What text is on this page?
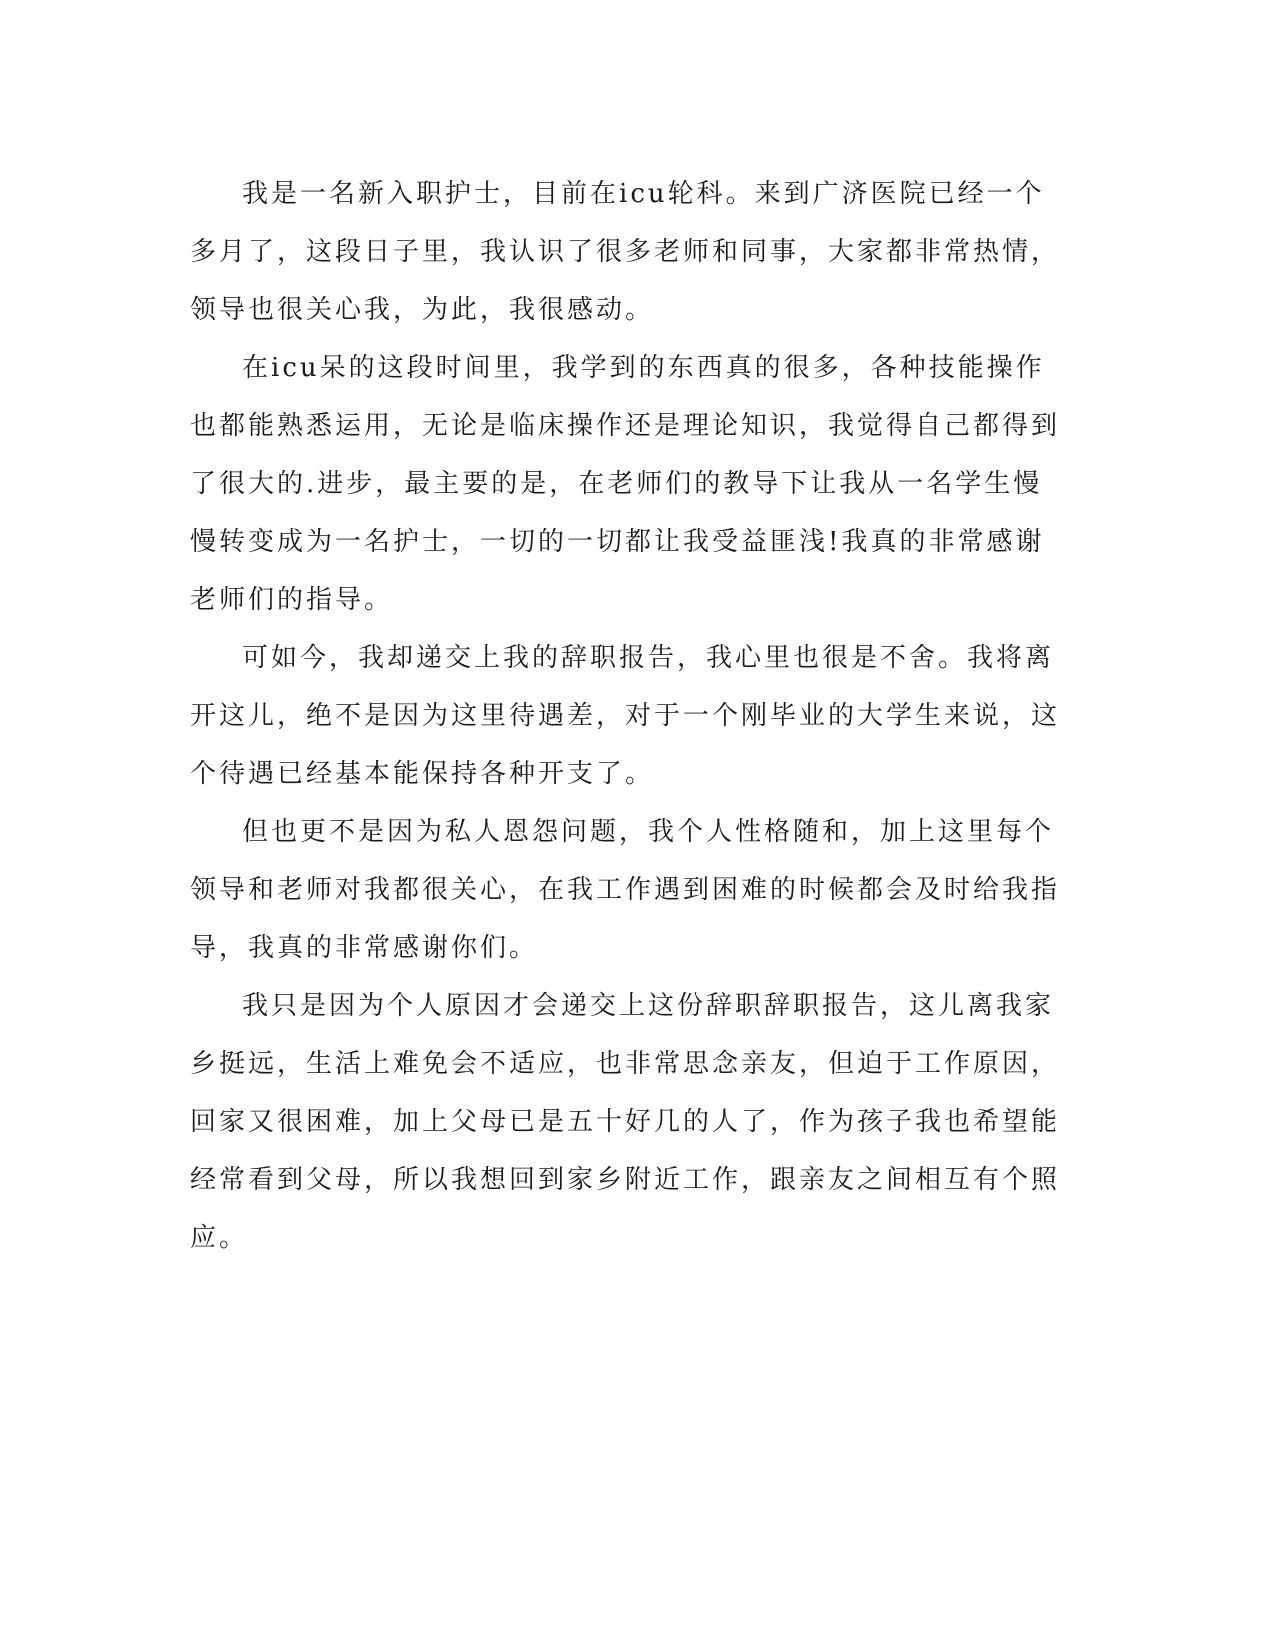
我是一名新入职护士，目前在icu轮科。来到广济医院已经一个多月了，这段日子里，我认识了很多老师和同事，大家都非常热情，领导也很关心我，为此，我很感动。

在icu呆的这段时间里，我学到的东西真的很多，各种技能操作也都能熟悉运用，无论是临床操作还是理论知识，我觉得自己都得到了很大的.进步，最主要的是，在老师们的教导下让我从一名学生慢慢转变成为一名护士，一切的一切都让我受益匪浅!我真的非常感谢老师们的指导。

可如今，我却递交上我的辞职报告，我心里也很是不舍。我将离开这儿，绝不是因为这里待遇差，对于一个刚毕业的大学生来说，这个待遇已经基本能保持各种开支了。

但也更不是因为私人恩怨问题，我个人性格随和，加上这里每个领导和老师对我都很关心，在我工作遇到困难的时候都会及时给我指导，我真的非常感谢你们。

我只是因为个人原因才会递交上这份辞职辞职报告，这儿离我家乡挺远，生活上难免会不适应，也非常思念亲友，但迫于工作原因，回家又很困难，加上父母已是五十好几的人了，作为孩子我也希望能经常看到父母，所以我想回到家乡附近工作，跟亲友之间相互有个照应。
